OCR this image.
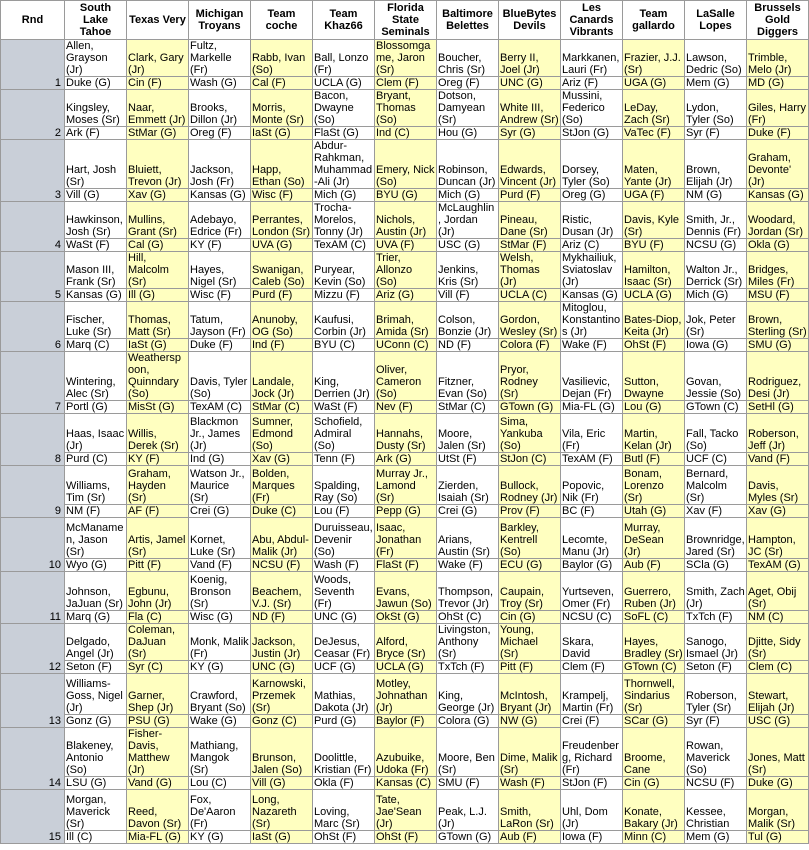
Rnd	South Lake Tahoe	Texas Very	Michigan Troyans	Team coche	Team Khaz66	Florida State Seminals	Baltimore Belettes	BlueBytes Devils	Les Canards Vibrants	Team gallardo	LaSalle Lopes	Brussels Gold Diggers
1	Allen, Grayson (Jr)	Clark, Gary (Jr)	Fultz, Markelle (Fr)	Rabb, Ivan (So)	Ball, Lonzo (Fr)	Blossomgame, Jaron (Sr)	Boucher, Chris (Sr)	Berry II, Joel (Jr)	Markkanen, Lauri (Fr)	Frazier, J.J. (Sr)	Lawson, Dedric (So)	Trimble, Melo (Jr)
	Duke (G)	Cin (F)	Wash (G)	Cal (F)	UCLA (G)	Clem (F)	Oreg (F)	UNC (G)	Ariz (F)	UGA (G)	Mem (G)	MD (G)
2	Kingsley, Moses (Sr)	Naar, Emmett (Jr)	Brooks, Dillon (Jr)	Morris, Monte (Sr)	Bacon, Dwayne (So)	Bryant, Thomas (So)	Dotson, Damyean (Sr)	White III, Andrew (Sr)	Mussini, Federico (So)	LeDay, Zach (Sr)	Lydon, Tyler (So)	Giles, Harry (Fr)
	Ark (F)	StMar (G)	Oreg (F)	IaSt (G)	FlaSt (G)	Ind (C)	Hou (G)	Syr (G)	StJon (G)	VaTec (F)	Syr (F)	Duke (F)
3	Hart, Josh (Sr)	Bluiett, Trevon (Jr)	Jackson, Josh (Fr)	Happ, Ethan (So)	Abdur-Rahkman, Muhammad-Ali (Jr)	Emery, Nick (So)	Robinson, Duncan (Jr)	Edwards, Vincent (Jr)	Dorsey, Tyler (So)	Maten, Yante (Jr)	Brown, Elijah (Jr)	Graham, Devonte' (Jr)
	Vill (G)	Xav (G)	Kansas (G)	Wisc (F)	Mich (G)	BYU (G)	Mich (G)	Purd (F)	Oreg (G)	UGA (F)	NM (G)	Kansas (G)
4	Hawkinson, Josh (Sr)	Mullins, Grant (Sr)	Adebayo, Edrice (Fr)	Perrantes, London (Sr)	Trocha-Morelos, Tonny (Jr)	Nichols, Austin (Jr)	McLaughlin, Jordan (Jr)	Pineau, Dane (Sr)	Ristic, Dusan (Jr)	Davis, Kyle (Sr)	Smith, Jr., Dennis (Fr)	Woodard, Jordan (Sr)
	WaSt (F)	Cal (G)	KY (F)	UVA (G)	TexAM (C)	UVA (F)	USC (G)	StMar (F)	Ariz (C)	BYU (F)	NCSU (G)	Okla (G)
5	Mason III, Frank (Sr)	Hill, Malcolm (Sr)	Hayes, Nigel (Sr)	Swanigan, Caleb (So)	Puryear, Kevin (So)	Trier, Allonzo (So)	Jenkins, Kris (Sr)	Welsh, Thomas (Jr)	Mykhailiuk, Sviatoslav (Jr)	Hamilton, Isaac (Sr)	Walton Jr., Derrick (Sr)	Bridges, Miles (Fr)
	Kansas (G)	Ill (G)	Wisc (F)	Purd (F)	Mizzu (F)	Ariz (G)	Vill (F)	UCLA (C)	Kansas (G)	UCLA (G)	Mich (G)	MSU (F)
6	Fischer, Luke (Sr)	Thomas, Matt (Sr)	Tatum, Jayson (Fr)	Anunoby, OG (So)	Kaufusi, Corbin (Jr)	Brimah, Amida (Sr)	Colson, Bonzie (Jr)	Gordon, Wesley (Sr)	Mitoglou, Konstantinos (Jr)	Bates-Diop, Keita (Jr)	Jok, Peter (Sr)	Brown, Sterling (Sr)
	Marq (C)	IaSt (G)	Duke (F)	Ind (F)	BYU (C)	UConn (C)	ND (F)	Colora (F)	Wake (F)	OhSt (F)	Iowa (G)	SMU (G)
7	Wintering, Alec (Sr)	Weatherspoon, Quinndary (So)	Davis, Tyler (So)	Landale, Jock (Jr)	King, Derrien (Jr)	Oliver, Cameron (So)	Fitzner, Evan (So)	Pryor, Rodney (Sr)	Vasilievic, Dejan (Fr)	Sutton, Dwayne	Govan, Jessie (So)	Rodriguez, Desi (Jr)
	Portl (G)	MisSt (G)	TexAM (C)	StMar (C)	WaSt (F)	Nev (F)	StMar (C)	GTown (G)	Mia-FL (G)	Lou (G)	GTown (C)	SetHl (G)
8	Haas, Isaac (Jr)	Willis, Derek (Sr)	Blackmon Jr., James (Jr)	Sumner, Edmond (So)	Schofield, Admiral (So)	Hannahs, Dusty (Sr)	Moore, Jalen (Sr)	Sima, Yankuba (So)	Vila, Eric (Fr)	Martin, Kelan (Jr)	Fall, Tacko (So)	Roberson, Jeff (Jr)
	Purd (C)	KY (F)	Ind (G)	Xav (G)	Tenn (F)	Ark (G)	UtSt (F)	StJon (C)	TexAM (F)	Butl (F)	UCF (C)	Vand (F)
9	Williams, Tim (Sr)	Graham, Hayden (Sr)	Watson Jr., Maurice (Sr)	Bolden, Marques (Fr)	Spalding, Ray (So)	Murray Jr., Lamond (Sr)	Zierden, Isaiah (Sr)	Bullock, Rodney (Jr)	Popovic, Nik (Fr)	Bonam, Lorenzo (Sr)	Bernard, Malcolm (Sr)	Davis, Myles (Sr)
	NM (F)	AF (F)	Crei (G)	Duke (C)	Lou (F)	Pepp (G)	Crei (G)	Prov (F)	BC (F)	Utah (G)	Xav (F)	Xav (G)
10	McManamen, Jason (Sr)	Artis, Jamel (Sr)	Kornet, Luke (Sr)	Abu, Abdul-Malik (Jr)	Duruisseau, Devenir (So)	Isaac, Jonathan (Fr)	Arians, Austin (Sr)	Barkley, Kentrell (So)	Lecomte, Manu (Jr)	Murray, DeSean (Jr)	Brownridge, Jared (Sr)	Hampton, JC (Sr)
	Wyo (G)	Pitt (F)	Vand (F)	NCSU (F)	Wash (F)	FlaSt (F)	Wake (F)	ECU (G)	Baylor (G)	Aub (F)	SCla (G)	TexAM (G)
11	Johnson, JaJuan (Sr)	Egbunu, John (Jr)	Koenig, Bronson (Sr)	Beachem, V.J. (Sr)	Woods, Seventh (Fr)	Evans, Jawun (So)	Thompson, Trevor (Jr)	Caupain, Troy (Sr)	Yurtseven, Omer (Fr)	Guerrero, Ruben (Jr)	Smith, Zach (Jr)	Aget, Obij (Sr)
	Marq (G)	Fla (C)	Wisc (G)	ND (F)	UNC (G)	OkSt (G)	OhSt (C)	Cin (G)	NCSU (C)	SoFL (C)	TxTch (F)	NM (C)
12	Delgado, Angel (Jr)	Coleman, DaJuan (Sr)	Monk, Malik (Fr)	Jackson, Justin (Jr)	DeJesus, Ceasar (Fr)	Alford, Bryce (Sr)	Livingston, Anthony (Sr)	Young, Michael (Sr)	Skara, David	Hayes, Bradley (Sr)	Sanogo, Ismael (Jr)	Djitte, Sidy (Sr)
	Seton (F)	Syr (C)	KY (G)	UNC (G)	UCF (G)	UCLA (G)	TxTch (F)	Pitt (F)	Clem (F)	GTown (C)	Seton (F)	Clem (C)
13	Williams-Goss, Nigel (Jr)	Garner, Shep (Jr)	Crawford, Bryant (So)	Karnowski, Przemek (Sr)	Mathias, Dakota (Jr)	Motley, Johnathan (Jr)	King, George (Jr)	McIntosh, Bryant (Jr)	Krampelj, Martin (Fr)	Thornwell, Sindarius (Sr)	Roberson, Tyler (Sr)	Stewart, Elijah (Jr)
	Gonz (G)	PSU (G)	Wake (G)	Gonz (C)	Purd (G)	Baylor (F)	Colora (G)	NW (G)	Crei (F)	SCar (G)	Syr (F)	USC (G)
14	Blakeney, Antonio (So)	Fisher-Davis, Matthew (Jr)	Mathiang, Mangok (Sr)	Brunson, Jalen (So)	Doolittle, Kristian (Fr)	Azubuike, Udoka (Fr)	Moore, Ben (Sr)	Dime, Malik (Sr)	Freudenberg, Richard (Fr)	Broome, Cane	Rowan, Maverick (So)	Jones, Matt (Sr)
	LSU (G)	Vand (G)	Lou (C)	Vill (G)	Okla (F)	Kansas (C)	SMU (F)	Wash (F)	StJon (F)	Cin (G)	NCSU (F)	Duke (G)
15	Morgan, Maverick (Sr)	Reed, Davon (Sr)	Fox, De'Aaron (Fr)	Long, Nazareth (Sr)	Loving, Marc (Sr)	Tate, Jae'Sean (Jr)	Peak, L.J. (Jr)	Smith, LaRon (Sr)	Uhl, Dom (Jr)	Konate, Bakary (Jr)	Kessee, Christian	Morgan, Malik (Sr)
	Ill (C)	Mia-FL (G)	KY (G)	IaSt (G)	OhSt (F)	OhSt (F)	GTown (G)	Aub (F)	Iowa (F)	Minn (C)	Mem (G)	Tul (G)
